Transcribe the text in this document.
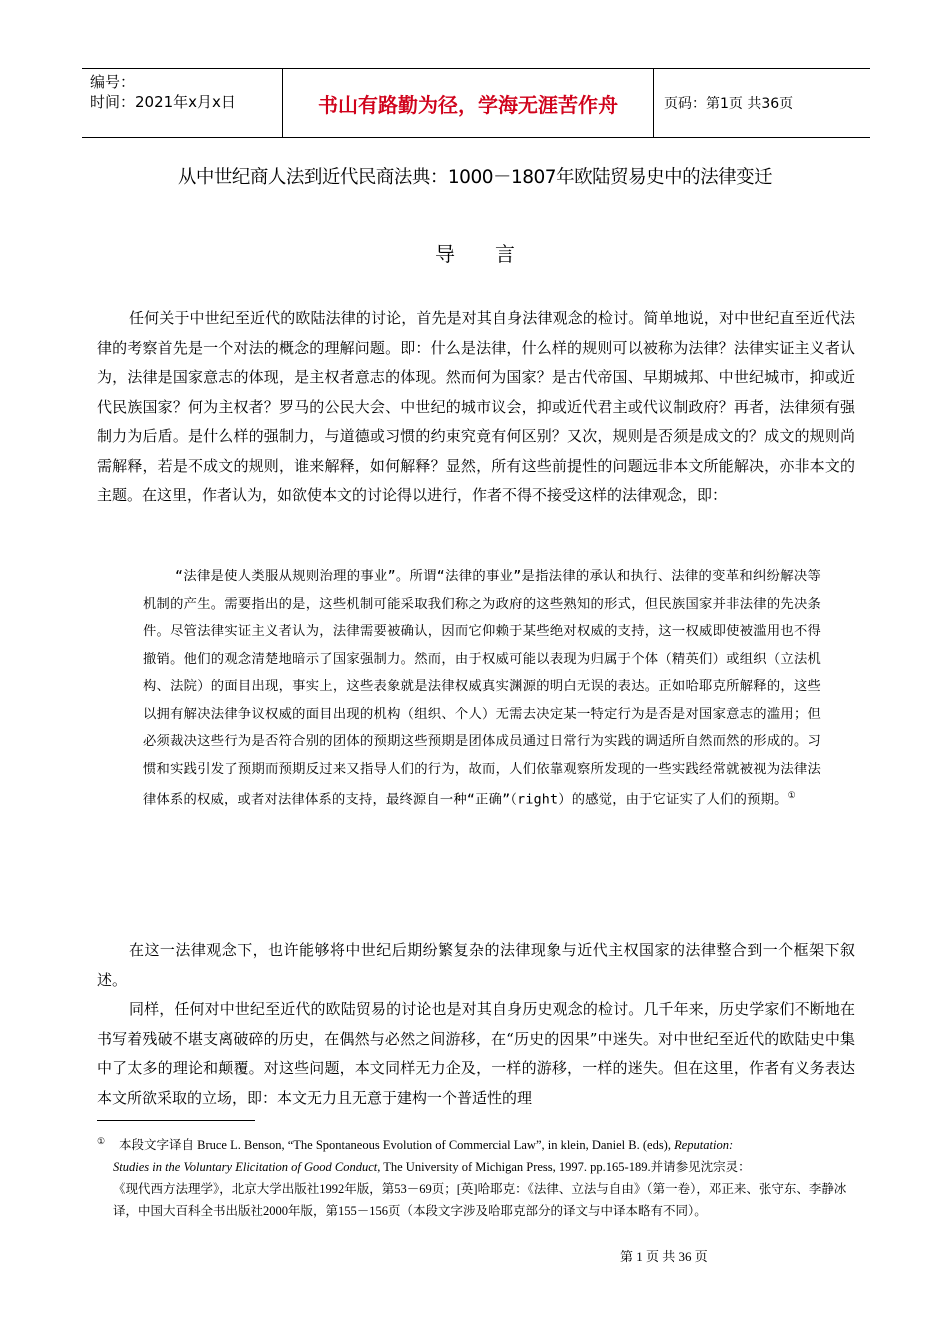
编号：
时间：2021年x月x日	书山有路勤为径，学海无涯苦作舟	页码：第1页 共36页
从中世纪商人法到近代民商法典：1000－1807年欧陆贸易史中的法律变迁
导言

任何关于中世纪至近代的欧陆法律的讨论，首先是对其自身法律观念的检讨。简单地说，对中世纪直至近代法律的考察首先是一个对法的概念的理解问题。即：什么是法律，什么样的规则可以被称为法律？法律实证主义者认为，法律是国家意志的体现，是主权者意志的体现。然而何为国家？是古代帝国、早期城邦、中世纪城市，抑或近代民族国家？何为主权者？罗马的公民大会、中世纪的城市议会，抑或近代君主或代议制政府？再者，法律须有强制力为后盾。是什么样的强制力，与道德或习惯的约束究竟有何区别？又次，规则是否须是成文的？成文的规则尚需解释，若是不成文的规则，谁来解释，如何解释？显然，所有这些前提性的问题远非本文所能解决，亦非本文的主题。在这里，作者认为，如欲使本文的讨论得以进行，作者不得不接受这样的法律观念，即：

“法律是使人类服从规则治理的事业”。所谓“法律的事业”是指法律的承认和执行、法律的变革和纠纷解决等机制的产生。需要指出的是，这些机制可能采取我们称之为政府的这些熟知的形式，但民族国家并非法律的先决条件。尽管法律实证主义者认为，法律需要被确认，因而它仰赖于某些绝对权威的支持，这一权威即使被滥用也不得撤销。他们的观念清楚地暗示了国家强制力。然而，由于权威可能以表现为归属于个体（精英们）或组织（立法机构、法院）的面目出现，事实上，这些表象就是法律权威真实渊源的明白无误的表达。正如哈耶克所解释的，这些以拥有解决法律争议权威的面目出现的机构（组织、个人）无需去决定某一特定行为是否是对国家意志的滥用；但必须裁决这些行为是否符合别的团体的预期这些预期是团体成员通过日常行为实践的调适所自然而然的形成的。习惯和实践引发了预期而预期反过来又指导人们的行为，故而，人们依靠观察所发现的一些实践经常就被视为法律法律体系的权威，或者对法律体系的支持，最终源自一种“正确”（right）的感觉，由于它证实了人们的预期。①

在这一法律观念下，也许能够将中世纪后期纷繁复杂的法律现象与近代主权国家的法律整合到一个框架下叙述。

同样，任何对中世纪至近代的欧陆贸易的讨论也是对其自身历史观念的检讨。几千年来，历史学家们不断地在书写着残破不堪支离破碎的历史，在偶然与必然之间游移，在“历史的因果”中迷失。对中世纪至近代的欧陆史中集中了太多的理论和颠覆。对这些问题，本文同样无力企及，一样的游移，一样的迷失。但在这里，作者有义务表达本文所欲采取的立场，即：本文无力且无意于建构一个普适性的理

① 本段文字译自 Bruce L. Benson, “The Spontaneous Evolution of Commercial Law”, in klein, Daniel B. (eds), Reputation:
Studies in the Voluntary Elicitation of Good Conduct, The University of Michigan Press, 1997. pp.165-189.并请参见沈宗灵：
《现代西方法理学》，北京大学出版社1992年版，第53－69页；[英]哈耶克：《法律、立法与自由》（第一卷），邓正来、张守东、李静冰译，中国大百科全书出版社2000年版，第155－156页（本段文字涉及哈耶克部分的译文与中译本略有不同）。
第 1 页 共 36 页
